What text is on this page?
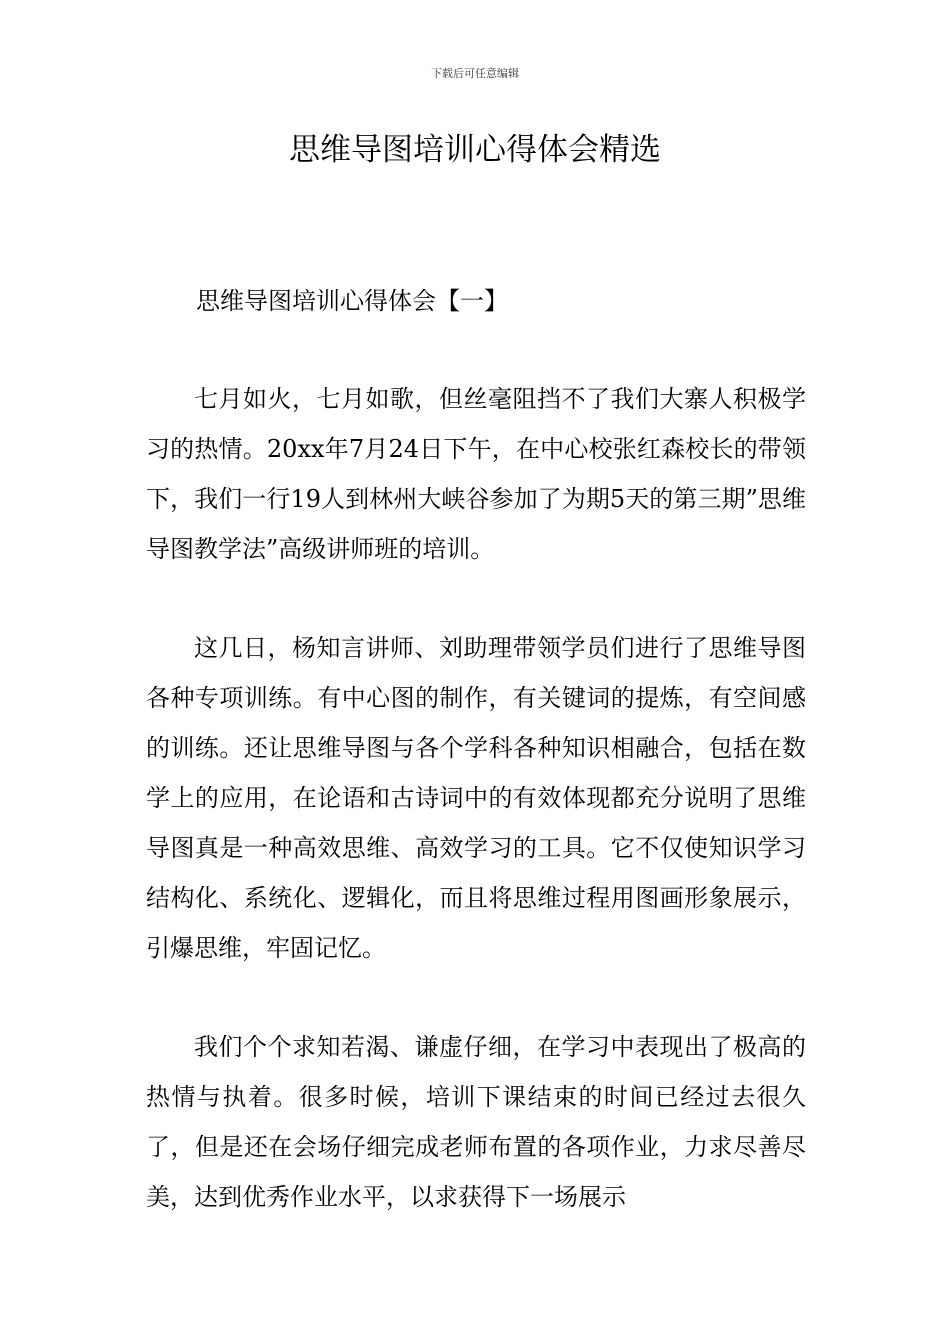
下载后可任意编辑
思维导图培训心得体会精选
思维导图培训心得体会【一】

七月如火，七月如歌，但丝毫阻挡不了我们大寨人积极学习的热情。20xx年7月24日下午，在中心校张红森校长的带领下，我们一行19人到林州大峡谷参加了为期5天的第三期”思维导图教学法”高级讲师班的培训。

这几日，杨知言讲师、刘助理带领学员们进行了思维导图各种专项训练。有中心图的制作，有关键词的提炼，有空间感的训练。还让思维导图与各个学科各种知识相融合，包括在数学上的应用，在论语和古诗词中的有效体现都充分说明了思维导图真是一种高效思维、高效学习的工具。它不仅使知识学习结构化、系统化、逻辑化，而且将思维过程用图画形象展示，引爆思维，牢固记忆。

我们个个求知若渴、谦虚仔细，在学习中表现出了极高的热情与执着。很多时候，培训下课结束的时间已经过去很久了，但是还在会场仔细完成老师布置的各项作业，力求尽善尽美，达到优秀作业水平，以求获得下一场展示
